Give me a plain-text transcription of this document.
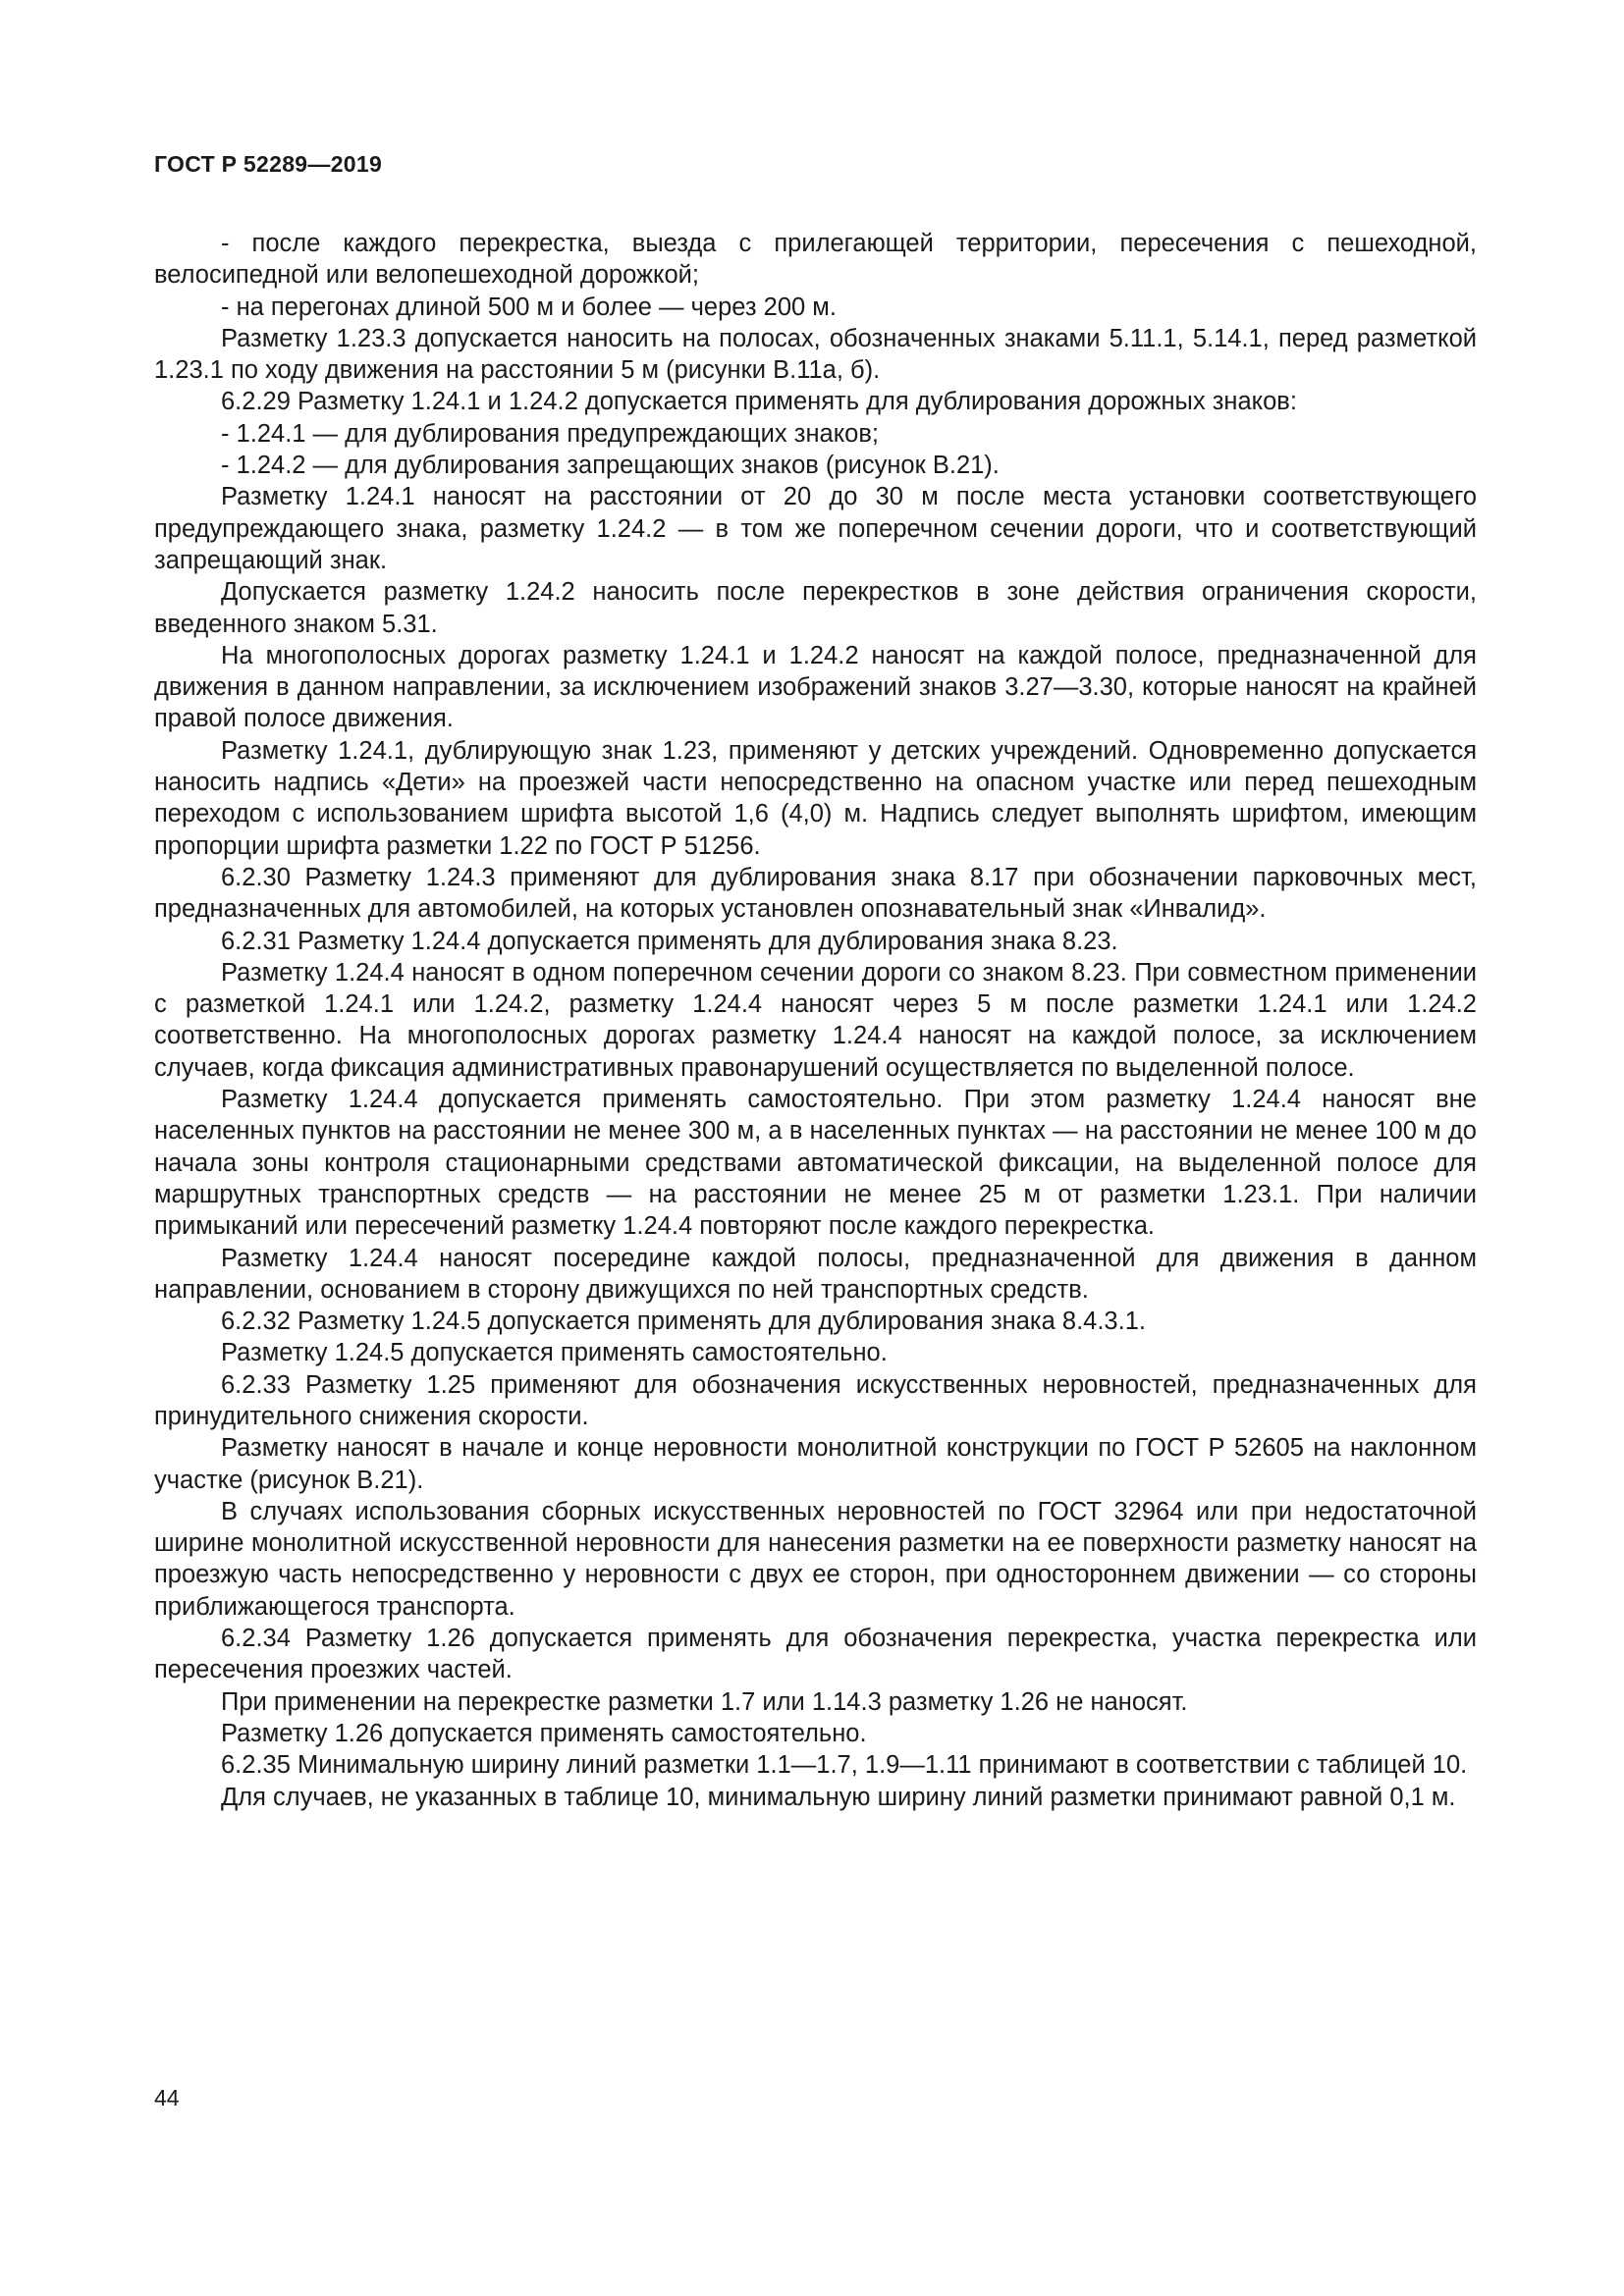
ГОСТ Р 52289—2019

- после каждого перекрестка, выезда с прилегающей территории, пересечения с пешеходной, велосипедной или велопешеходной дорожкой;

- на перегонах длиной 500 м и более — через 200 м.

Разметку 1.23.3 допускается наносить на полосах, обозначенных знаками 5.11.1, 5.14.1, перед разметкой 1.23.1 по ходу движения на расстоянии 5 м (рисунки В.11а, б).

6.2.29 Разметку 1.24.1 и 1.24.2 допускается применять для дублирования дорожных знаков:

- 1.24.1 — для дублирования предупреждающих знаков;

- 1.24.2 — для дублирования запрещающих знаков (рисунок В.21).

Разметку 1.24.1 наносят на расстоянии от 20 до 30 м после места установки соответствующего предупреждающего знака, разметку 1.24.2 — в том же поперечном сечении дороги, что и соответствующий запрещающий знак.

Допускается разметку 1.24.2 наносить после перекрестков в зоне действия ограничения скорости, введенного знаком 5.31.

На многополосных дорогах разметку 1.24.1 и 1.24.2 наносят на каждой полосе, предназначенной для движения в данном направлении, за исключением изображений знаков 3.27—3.30, которые наносят на крайней правой полосе движения.

Разметку 1.24.1, дублирующую знак 1.23, применяют у детских учреждений. Одновременно допускается наносить надпись «Дети» на проезжей части непосредственно на опасном участке или перед пешеходным переходом с использованием шрифта высотой 1,6 (4,0) м. Надпись следует выполнять шрифтом, имеющим пропорции шрифта разметки 1.22 по ГОСТ Р 51256.

6.2.30 Разметку 1.24.3 применяют для дублирования знака 8.17 при обозначении парковочных мест, предназначенных для автомобилей, на которых установлен опознавательный знак «Инвалид».

6.2.31 Разметку 1.24.4 допускается применять для дублирования знака 8.23.

Разметку 1.24.4 наносят в одном поперечном сечении дороги со знаком 8.23. При совместном применении с разметкой 1.24.1 или 1.24.2, разметку 1.24.4 наносят через 5 м после разметки 1.24.1 или 1.24.2 соответственно. На многополосных дорогах разметку 1.24.4 наносят на каждой полосе, за исключением случаев, когда фиксация административных правонарушений осуществляется по выделенной полосе.

Разметку 1.24.4 допускается применять самостоятельно. При этом разметку 1.24.4 наносят вне населенных пунктов на расстоянии не менее 300 м, а в населенных пунктах — на расстоянии не менее 100 м до начала зоны контроля стационарными средствами автоматической фиксации, на выделенной полосе для маршрутных транспортных средств — на расстоянии не менее 25 м от разметки 1.23.1. При наличии примыканий или пересечений разметку 1.24.4 повторяют после каждого перекрестка.

Разметку 1.24.4 наносят посередине каждой полосы, предназначенной для движения в данном направлении, основанием в сторону движущихся по ней транспортных средств.

6.2.32 Разметку 1.24.5 допускается применять для дублирования знака 8.4.3.1.

Разметку 1.24.5 допускается применять самостоятельно.

6.2.33 Разметку 1.25 применяют для обозначения искусственных неровностей, предназначенных для принудительного снижения скорости.

Разметку наносят в начале и конце неровности монолитной конструкции по ГОСТ Р 52605 на наклонном участке (рисунок В.21).

В случаях использования сборных искусственных неровностей по ГОСТ 32964 или при недостаточной ширине монолитной искусственной неровности для нанесения разметки на ее поверхности разметку наносят на проезжую часть непосредственно у неровности с двух ее сторон, при одностороннем движении — со стороны приближающегося транспорта.

6.2.34 Разметку 1.26 допускается применять для обозначения перекрестка, участка перекрестка или пересечения проезжих частей.

При применении на перекрестке разметки 1.7 или 1.14.3 разметку 1.26 не наносят.

Разметку 1.26 допускается применять самостоятельно.

6.2.35 Минимальную ширину линий разметки 1.1—1.7, 1.9—1.11 принимают в соответствии с таблицей 10.

Для случаев, не указанных в таблице 10, минимальную ширину линий разметки принимают равной 0,1 м.

44
